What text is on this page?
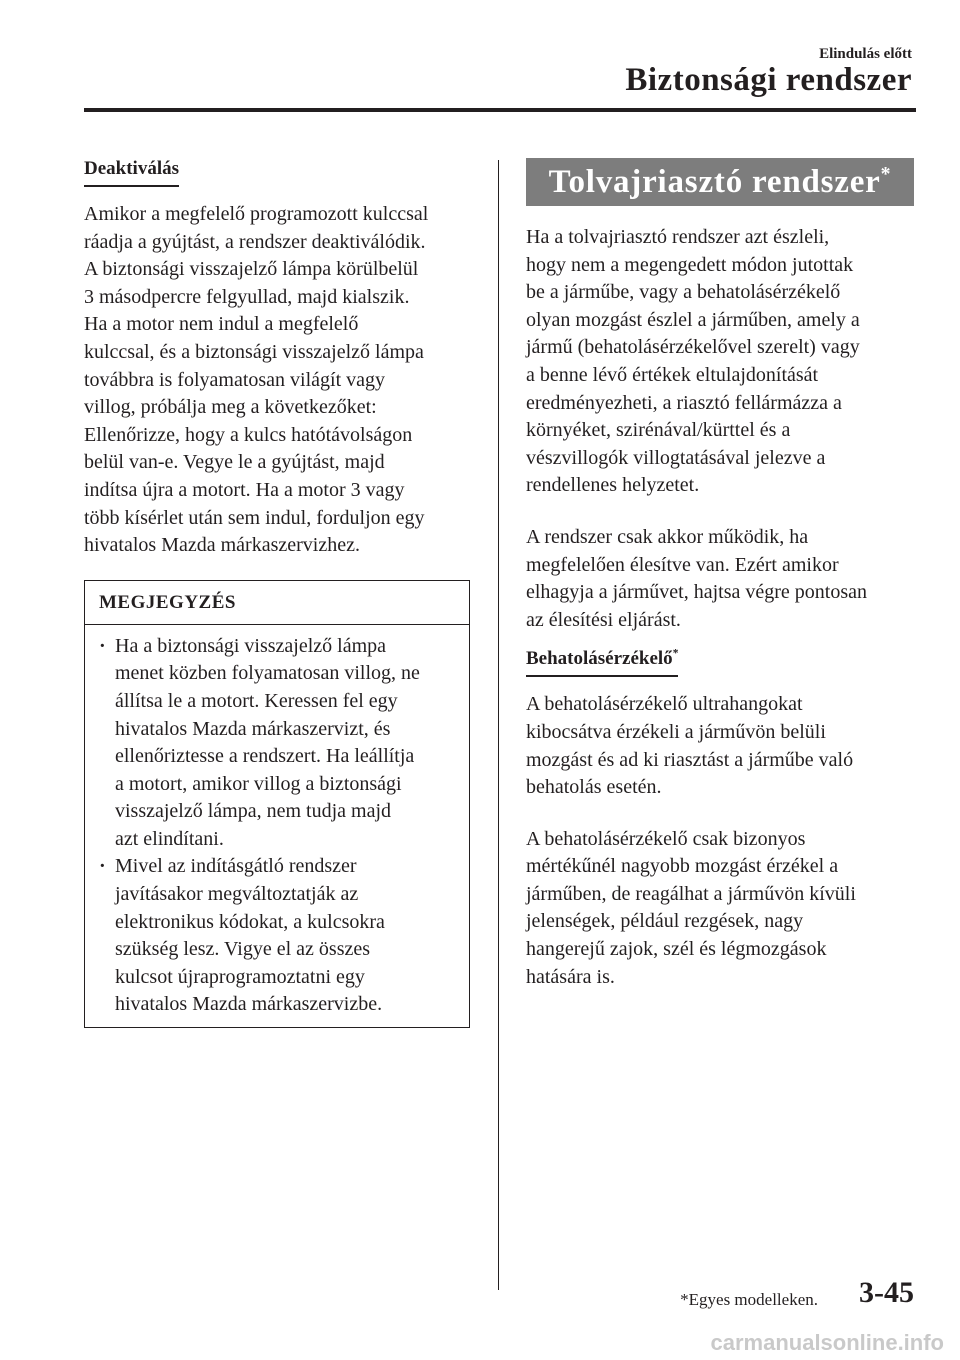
Elindulás előtt
Biztonsági rendszer
Deaktiválás

Amikor a megfelelő programozott kulccsal
ráadja a gyújtást, a rendszer deaktiválódik.
A biztonsági visszajelző lámpa körülbelül
3 másodpercre felgyullad, majd kialszik.
Ha a motor nem indul a megfelelő
kulccsal, és a biztonsági visszajelző lámpa
továbbra is folyamatosan világít vagy
villog, próbálja meg a következőket:
Ellenőrizze, hogy a kulcs hatótávolságon
belül van-e. Vegye le a gyújtást, majd
indítsa újra a motort. Ha a motor 3 vagy
több kísérlet után sem indul, forduljon egy
hivatalos Mazda márkaszervizhez.

MEGJEGYZÉS
· Ha a biztonsági visszajelző lámpa
menet közben folyamatosan villog, ne
állítsa le a motort. Keressen fel egy
hivatalos Mazda márkaszervizt, és
ellenőriztesse a rendszert. Ha leállítja
a motort, amikor villog a biztonsági
visszajelző lámpa, nem tudja majd
azt elindítani.
· Mivel az indításgátló rendszer
javításakor megváltoztatják az
elektronikus kódokat, a kulcsokra
szükség lesz. Vigye el az összes
kulcsot újraprogramoztatni egy
hivatalos Mazda márkaszervizbe.
Tolvajriasztó rendszer*

Ha a tolvajriasztó rendszer azt észleli,
hogy nem a megengedett módon jutottak
be a járműbe, vagy a behatolásérzékelő
olyan mozgást észlel a járműben, amely a
jármű (behatolásérzékelővel szerelt) vagy
a benne lévő értékek eltulajdonítását
eredményezheti, a riasztó fellármázza a
környéket, szirénával/kürttel és a
vészvillogók villogtatásával jelezve a
rendellenes helyzetet.

A rendszer csak akkor működik, ha
megfelelően élesítve van. Ezért amikor
elhagyja a járművet, hajtsa végre pontosan
az élesítési eljárást.

Behatolásérzékelő*

A behatolásérzékelő ultrahangokat
kibocsátva érzékeli a járművön belüli
mozgást és ad ki riasztást a járműbe való
behatolás esetén.

A behatolásérzékelő csak bizonyos
mértékűnél nagyobb mozgást érzékel a
járműben, de reagálhat a járművön kívüli
jelenségek, például rezgések, nagy
hangerejű zajok, szél és légmozgások
hatására is.

*Egyes modelleken. 3-45
carmanualsonline.info
